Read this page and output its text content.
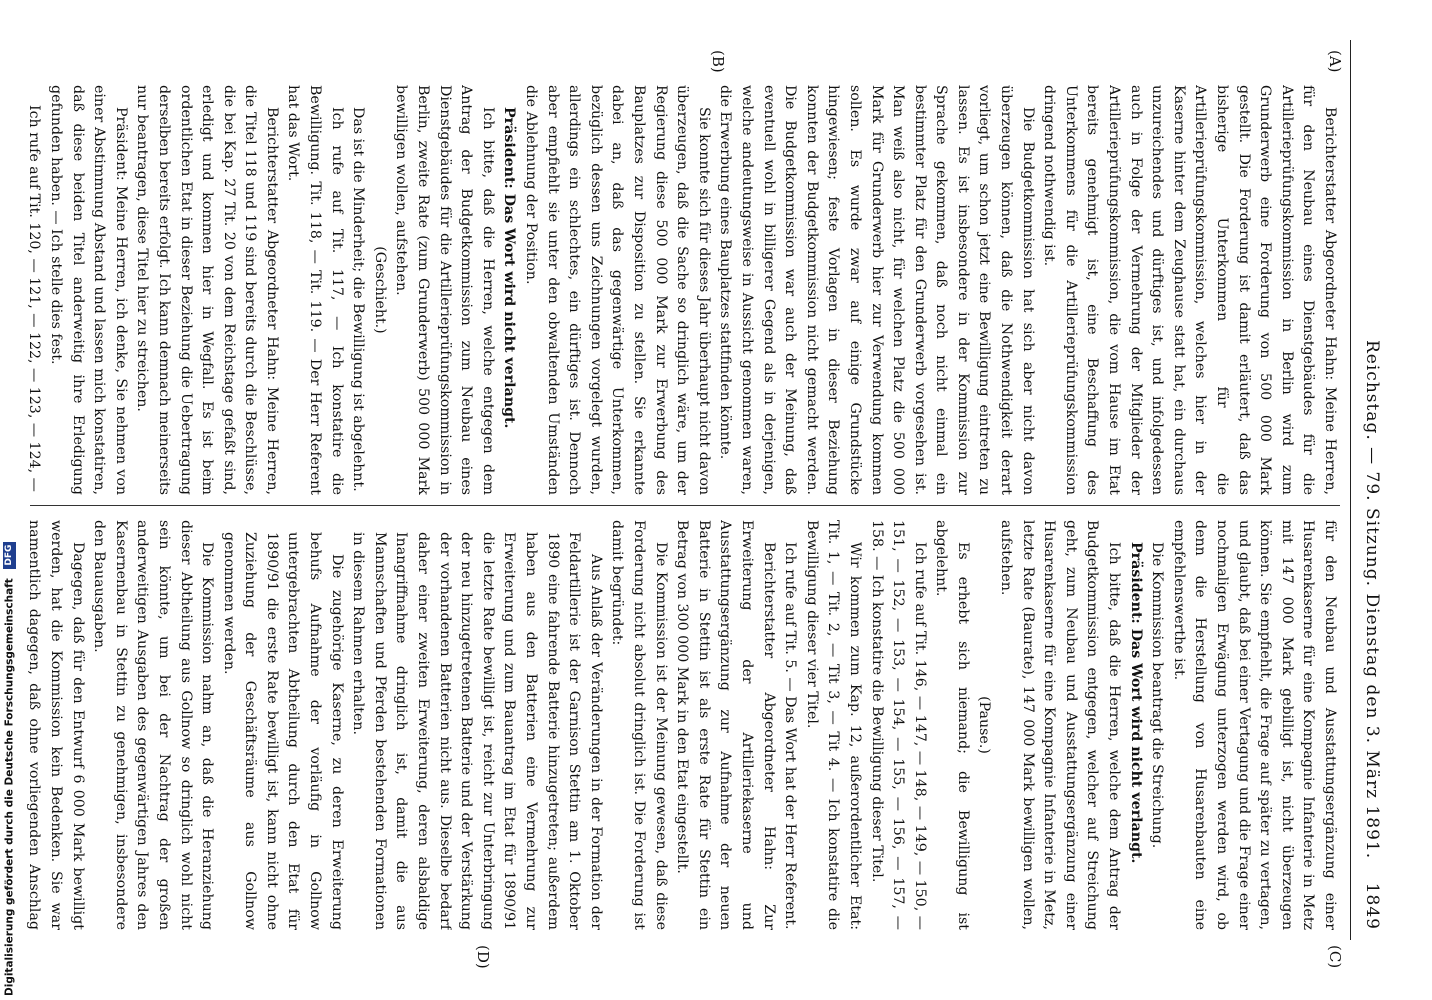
Reichstag. — 79. Sitzung. Dienstag den 3. März 1891.
1849
(A)
(B)
(C)
(D)

Berichterstatter Abgeordneter Hahn: Meine Herren, für den Neubau eines Dienstgebäudes für die Artillerieprüfungskommission in Berlin wird zum Grunderwerb eine Forderung von 500 000 Mark gestellt. Die Forderung ist damit erläutert, daß das bisherige Unterkommen für die Artillerieprüfungskommission, welches hier in der Kaserne hinter dem Zeughause statt hat, ein durchaus unzureichendes und dürftiges ist, und infolgedessen auch in Folge der Vermehrung der Mitglieder der Artillerieprüfungskommission, die vom Hause im Etat bereits genehmigt ist, eine Beschaffung des Unterkommens für die Artillerieprüfungskommission dringend nothwendig ist.

Die Budgetkommission hat sich aber nicht davon überzeugen können, daß die Nothwendigkeit derart vorliegt, um schon jetzt eine Bewilligung eintreten zu lassen. Es ist insbesondere in der Kommission zur Sprache gekommen, daß noch nicht einmal ein bestimmter Platz für den Grunderwerb vorgesehen ist. Man weiß also nicht, für welchen Platz die 500 000 Mark für Grunderwerb hier zur Verwendung kommen sollen. Es wurde zwar auf einige Grundstücke hingewiesen; feste Vorlagen in dieser Beziehung konnten der Budgetkommission nicht gemacht werden. Die Budgetkommission war auch der Meinung, daß eventuell wohl in billigerer Gegend als in derjenigen, welche andeutungsweise in Aussicht genommen waren, die Erwerbung eines Bauplatzes stattfinden könnte.

Sie konnte sich für dieses Jahr überhaupt nicht davon überzeugen, daß die Sache so dringlich wäre, um der Regierung diese 500 000 Mark zur Erwerbung des Bauplatzes zur Disposition zu stellen. Sie erkannte dabei an, daß das gegenwärtige Unterkommen, bezüglich dessen uns Zeichnungen vorgelegt wurden, allerdings ein schlechtes, ein dürftiges ist. Dennoch aber empfiehlt sie unter den obwaltenden Umständen die Ablehnung der Position.

Präsident: Das Wort wird nicht verlangt.

Ich bitte, daß die Herren, welche entgegen dem Antrag der Budgetkommission zum Neubau eines Dienstgebäudes für die Artillerieprüfungskommission in Berlin, zweite Rate (zum Grunderwerb) 500 000 Mark bewilligen wollen, aufstehen.

(Geschieht.)

Das ist die Minderheit; die Bewilligung ist abgelehnt.

Ich rufe auf Tit. 117, — Ich konstatire die Bewilligung. Tit. 118, — Tit. 119. — Der Herr Referent hat das Wort.

Berichterstatter Abgeordneter Hahn: Meine Herren, die Titel 118 und 119 sind bereits durch die Beschlüsse, die bei Kap. 27 Tit. 20 von dem Reichstage gefaßt sind, erledigt und kommen hier in Wegfall. Es ist beim ordentlichen Etat in dieser Beziehung die Uebertragung derselben bereits erfolgt. Ich kann demnach meinerseits nur beantragen, diese Titel hier zu streichen.

Präsident: Meine Herren, ich denke, Sie nehmen von einer Abstimmung Abstand und lassen mich konstatiren, daß diese beiden Titel anderweitig ihre Erledigung gefunden haben. — Ich stelle dies fest.

Ich rufe auf Tit. 120, — 121, — 122, — 123, — 124, —

für den Neubau und Ausstattungsergänzung einer Husarenkaserne für eine Kompagnie Infanterie in Metz mit 147 000 Mark gebilligt ist, nicht überzeugen können. Sie empfiehlt, die Frage auf später zu vertagen, und glaubt, daß bei einer Vertagung und die Frage einer nochmaligen Erwägung unterzogen werden wird, ob denn die Herstellung von Husarenbauten eine empfehlenswerthe ist.

Die Kommission beantragt die Streichung.

Präsident: Das Wort wird nicht verlangt.

Ich bitte, daß die Herren, welche dem Antrag der Budgetkommission entgegen, welcher auf Streichung geht, zum Neubau und Ausstattungsergänzung einer Husarenkaserne für eine Kompagnie Infanterie in Metz, letzte Rate (Baurate), 147 000 Mark bewilligen wollen, aufstehen.

(Pause.)

Es erhebt sich niemand; die Bewilligung ist abgelehnt.

Ich rufe auf Tit. 146, — 147, — 148, — 149, — 150, — 151, — 152, — 153, — 154, — 155, — 156, — 157, — 158. — Ich konstatire die Bewilligung dieser Titel.

Wir kommen zum Kap. 12, außerordentlicher Etat: Tit. 1, — Tit. 2, — Tit 3, — Tit 4. — Ich konstatire die Bewilligung dieser vier Titel.

Ich rufe auf Tit. 5. — Das Wort hat der Herr Referent.

Berichterstatter Abgeordneter Hahn: Zur Erweiterung der Artilleriekaserne und Ausstattungsergänzung zur Aufnahme der neuen Batterie in Stettin ist als erste Rate für Stettin ein Betrag von 300 000 Mark in den Etat eingestellt.

Die Kommission ist der Meinung gewesen, daß diese Forderung nicht absolut dringlich ist. Die Forderung ist damit begründet:

Aus Anlaß der Veränderungen in der Formation der Feldartillerie ist der Garnison Stettin am 1. Oktober 1890 eine fahrende Batterie hinzugetreten; außerdem haben aus den Batterien eine Vermehrung zur Erweiterung und zum Bauantrag im Etat für 1890/91 die letzte Rate bewilligt ist, reicht zur Unterbringung der neu hinzugetretenen Batterie und der Verstärkung der vorhandenen Batterien nicht aus. Dieselbe bedarf daher einer zweiten Erweiterung, deren alsbaldige Inangriffnahme dringlich ist, damit die aus Mannschaften und Pferden bestehenden Formationen in diesem Rahmen erhalten.

Die zugehörige Kaserne, zu deren Erweiterung behufs Aufnahme der vorläufig in Gollnow untergebrachten Abtheilung durch den Etat für 1890/91 die erste Rate bewilligt ist, kann nicht ohne Zuziehung der Geschäftsräume aus Gollnow genommen werden.

Die Kommission nahm an, daß die Heranziehung dieser Abtheilung aus Gollnow so dringlich wohl nicht sein könnte, um bei der Nachtrag der großen anderweitigen Ausgaben des gegenwärtigen Jahres den Kasernenbau in Stettin zu genehmigen, insbesondere den Bauausgaben.

Dagegen, daß für den Entwurf 6 000 Mark bewilligt werden, hat die Kommission kein Bedenken. Sie war namentlich dagegen, daß ohne vorliegenden Anschlag

Digitalisierung gefördert durch die Deutsche Forschungsgemeinschaft DFG
